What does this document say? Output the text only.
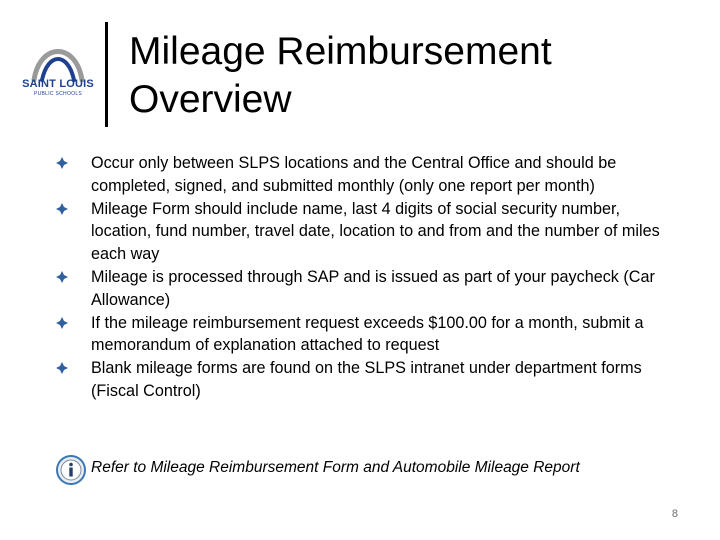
SAINT LOUIS
PUBLIC SCHOOLS
Mileage Reimbursement
Overview
Occur only between SLPS locations and the Central Office and should be completed, signed, and submitted monthly (only one report per month)
Mileage Form should include name, last 4 digits of social security number, location, fund number, travel date, location to and from and the number of miles each way
Mileage is processed through SAP and is issued as part of your paycheck (Car Allowance)
If the mileage reimbursement request exceeds $100.00 for a month, submit a memorandum of explanation attached to request
Blank mileage forms are found on the SLPS intranet under department forms (Fiscal Control)
Refer to Mileage Reimbursement Form and Automobile Mileage Report
8
